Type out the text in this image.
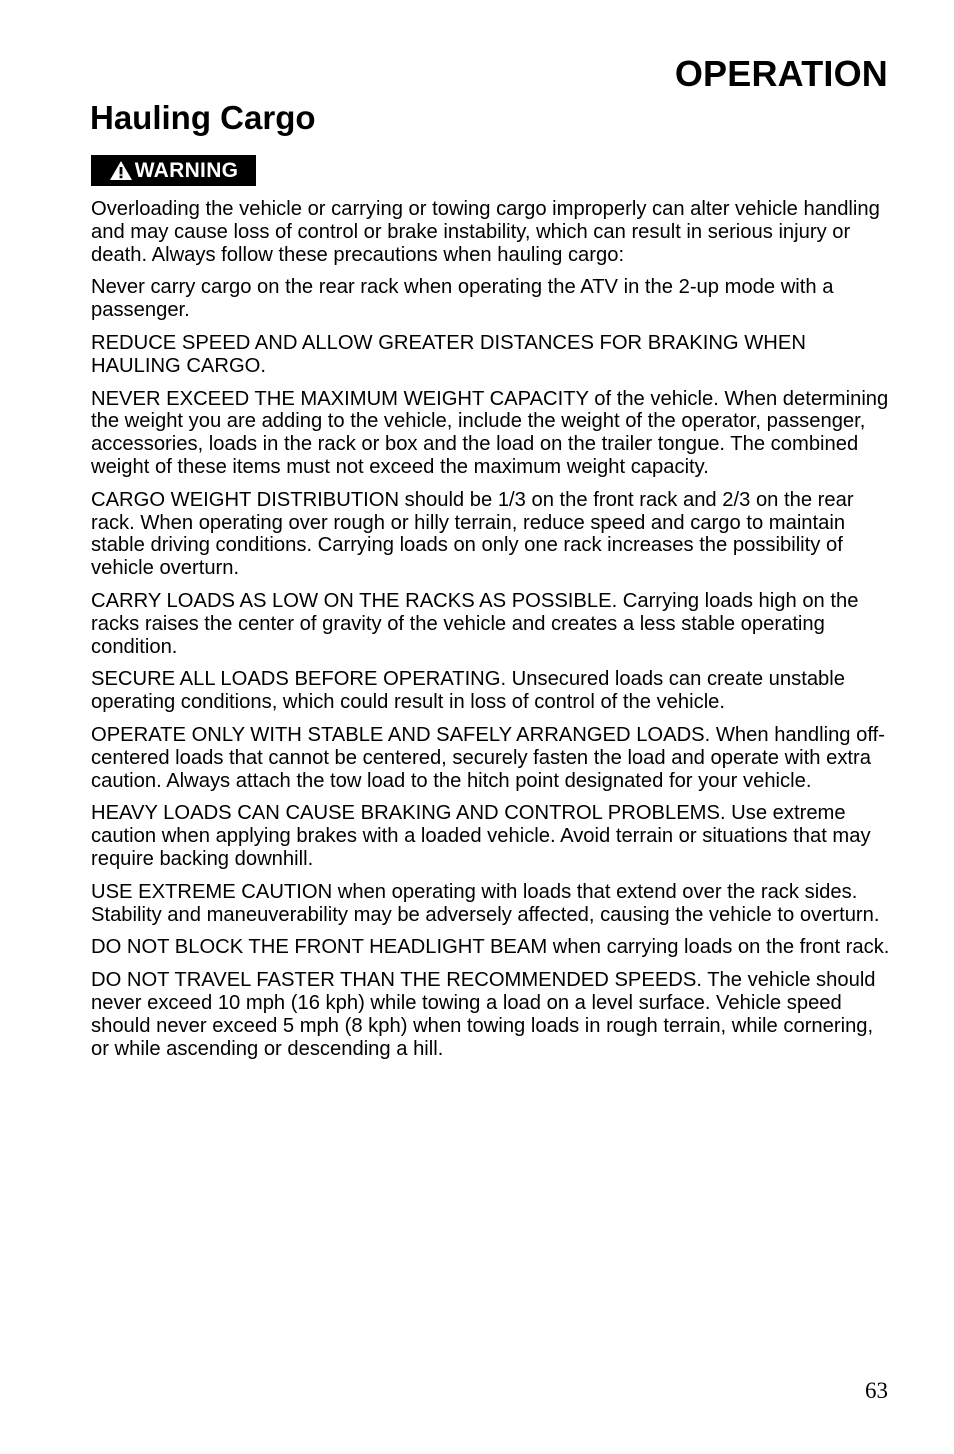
OPERATION
Hauling Cargo
WARNING

Overloading the vehicle or carrying or towing cargo improperly can alter vehicle handling and may cause loss of control or brake instability, which can result in serious injury or death. Always follow these precautions when hauling cargo:

Never carry cargo on the rear rack when operating the ATV in the 2-up mode with a passenger.

REDUCE SPEED AND ALLOW GREATER DISTANCES FOR BRAKING WHEN HAULING CARGO.

NEVER EXCEED THE MAXIMUM WEIGHT CAPACITY of the vehicle. When determining the weight you are adding to the vehicle, include the weight of the operator, passenger, accessories, loads in the rack or box and the load on the trailer tongue. The combined weight of these items must not exceed the maximum weight capacity.

CARGO WEIGHT DISTRIBUTION should be 1/3 on the front rack and 2/3 on the rear rack. When operating over rough or hilly terrain, reduce speed and cargo to maintain stable driving conditions. Carrying loads on only one rack increases the possibility of vehicle overturn.

CARRY LOADS AS LOW ON THE RACKS AS POSSIBLE. Carrying loads high on the racks raises the center of gravity of the vehicle and creates a less stable operating condition.

SECURE ALL LOADS BEFORE OPERATING. Unsecured loads can create unstable operating conditions, which could result in loss of control of the vehicle.

OPERATE ONLY WITH STABLE AND SAFELY ARRANGED LOADS. When handling off-centered loads that cannot be centered, securely fasten the load and operate with extra caution. Always attach the tow load to the hitch point designated for your vehicle.

HEAVY LOADS CAN CAUSE BRAKING AND CONTROL PROBLEMS. Use extreme caution when applying brakes with a loaded vehicle. Avoid terrain or situations that may require backing downhill.

USE EXTREME CAUTION when operating with loads that extend over the rack sides. Stability and maneuverability may be adversely affected, causing the vehicle to overturn.

DO NOT BLOCK THE FRONT HEADLIGHT BEAM when carrying loads on the front rack.

DO NOT TRAVEL FASTER THAN THE RECOMMENDED SPEEDS. The vehicle should never exceed 10 mph (16 kph) while towing a load on a level surface. Vehicle speed should never exceed 5 mph (8 kph) when towing loads in rough terrain, while cornering, or while ascending or descending a hill.

63
